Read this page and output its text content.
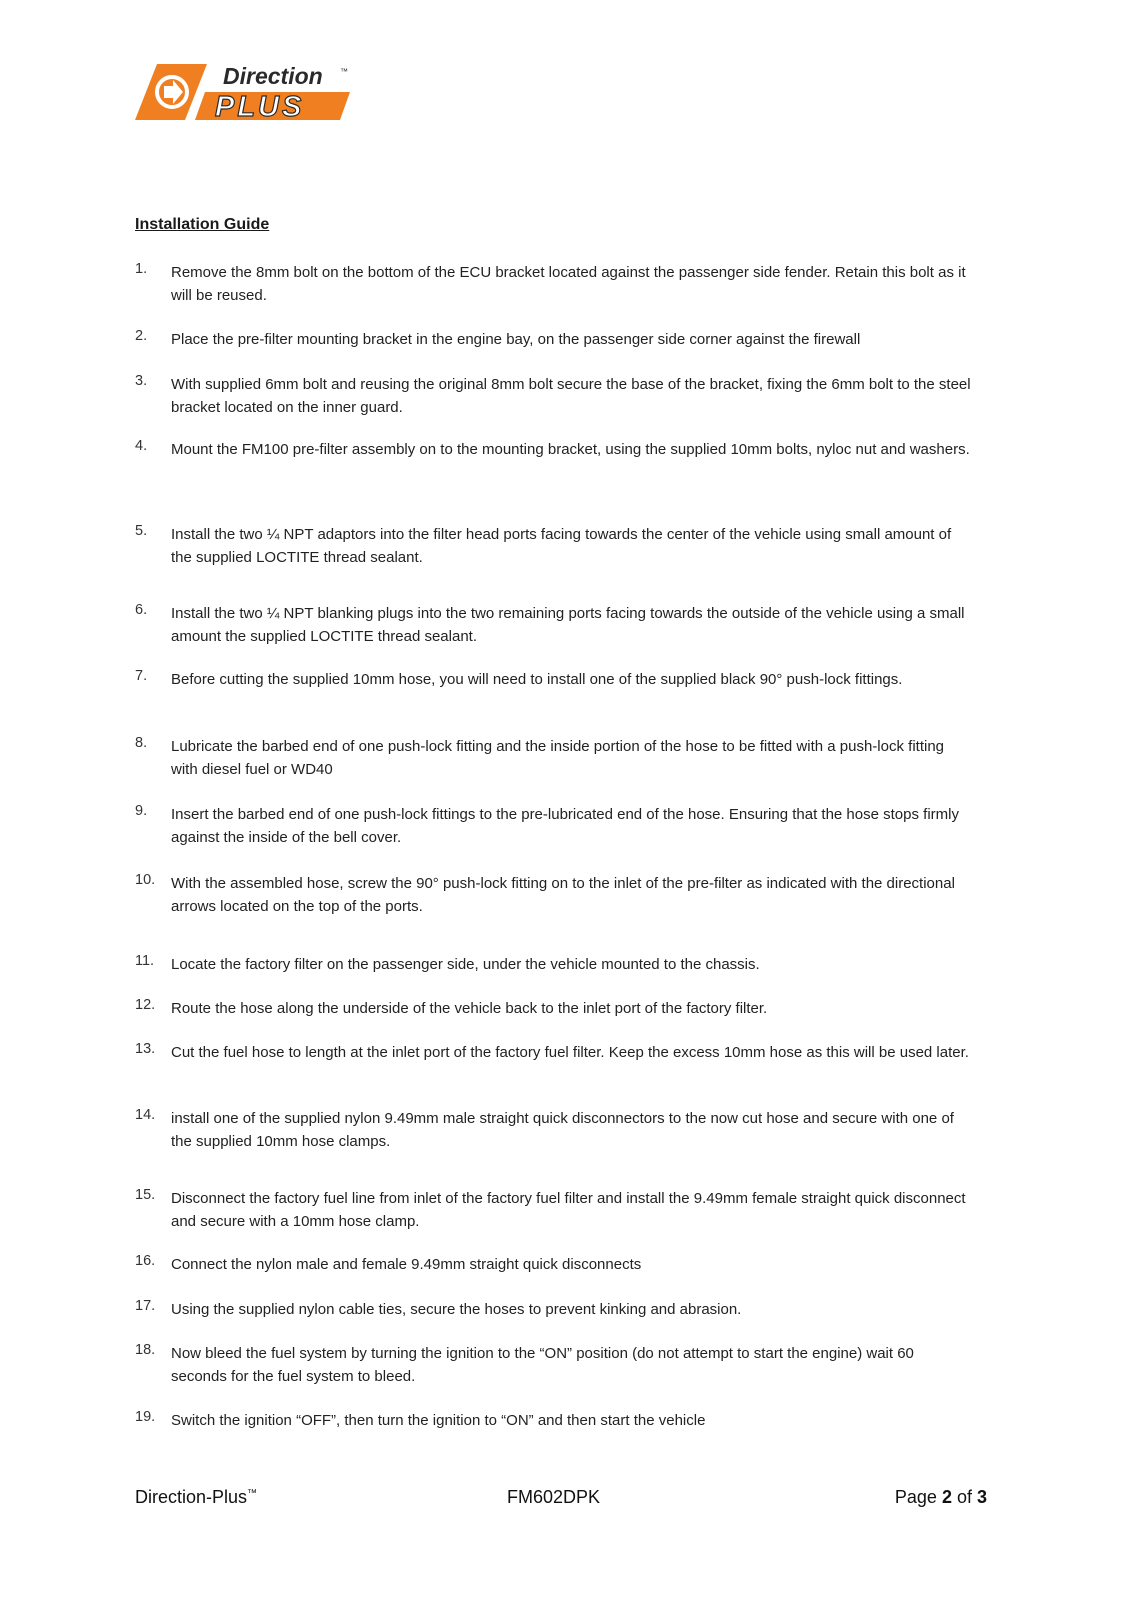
Direction ™
PLUS
Installation Guide
1. Remove the 8mm bolt on the bottom of the ECU bracket located against the passenger side fender. Retain this bolt as it will be reused.
2. Place the pre-filter mounting bracket in the engine bay, on the passenger side corner against the firewall
3. With supplied 6mm bolt and reusing the original 8mm bolt secure the base of the bracket, fixing the 6mm bolt to the steel bracket located on the inner guard.
4. Mount the FM100 pre-filter assembly on to the mounting bracket, using the supplied 10mm bolts, nyloc nut and washers.
5. Install the two ¼ NPT adaptors into the filter head ports facing towards the center of the vehicle using small amount of the supplied LOCTITE thread sealant.
6. Install the two ¼ NPT blanking plugs into the two remaining ports facing towards the outside of the vehicle using a small amount the supplied LOCTITE thread sealant.
7. Before cutting the supplied 10mm hose, you will need to install one of the supplied black 90° push-lock fittings.
8. Lubricate the barbed end of one push-lock fitting and the inside portion of the hose to be fitted with a push-lock fitting with diesel fuel or WD40
9. Insert the barbed end of one push-lock fittings to the pre-lubricated end of the hose. Ensuring that the hose stops firmly against the inside of the bell cover.
10. With the assembled hose, screw the 90° push-lock fitting on to the inlet of the pre-filter as indicated with the directional arrows located on the top of the ports.
11. Locate the factory filter on the passenger side, under the vehicle mounted to the chassis.
12. Route the hose along the underside of the vehicle back to the inlet port of the factory filter.
13. Cut the fuel hose to length at the inlet port of the factory fuel filter. Keep the excess 10mm hose as this will be used later.
14. install one of the supplied nylon 9.49mm male straight quick disconnectors to the now cut hose and secure with one of the supplied 10mm hose clamps.
15. Disconnect the factory fuel line from inlet of the factory fuel filter and install the 9.49mm female straight quick disconnect and secure with a 10mm hose clamp.
16. Connect the nylon male and female 9.49mm straight quick disconnects
17. Using the supplied nylon cable ties, secure the hoses to prevent kinking and abrasion.
18. Now bleed the fuel system by turning the ignition to the “ON” position (do not attempt to start the engine) wait 60 seconds for the fuel system to bleed.
19. Switch the ignition “OFF”, then turn the ignition to “ON” and then start the vehicle
Direction-Plus™	FM602DPK	Page 2 of 3
